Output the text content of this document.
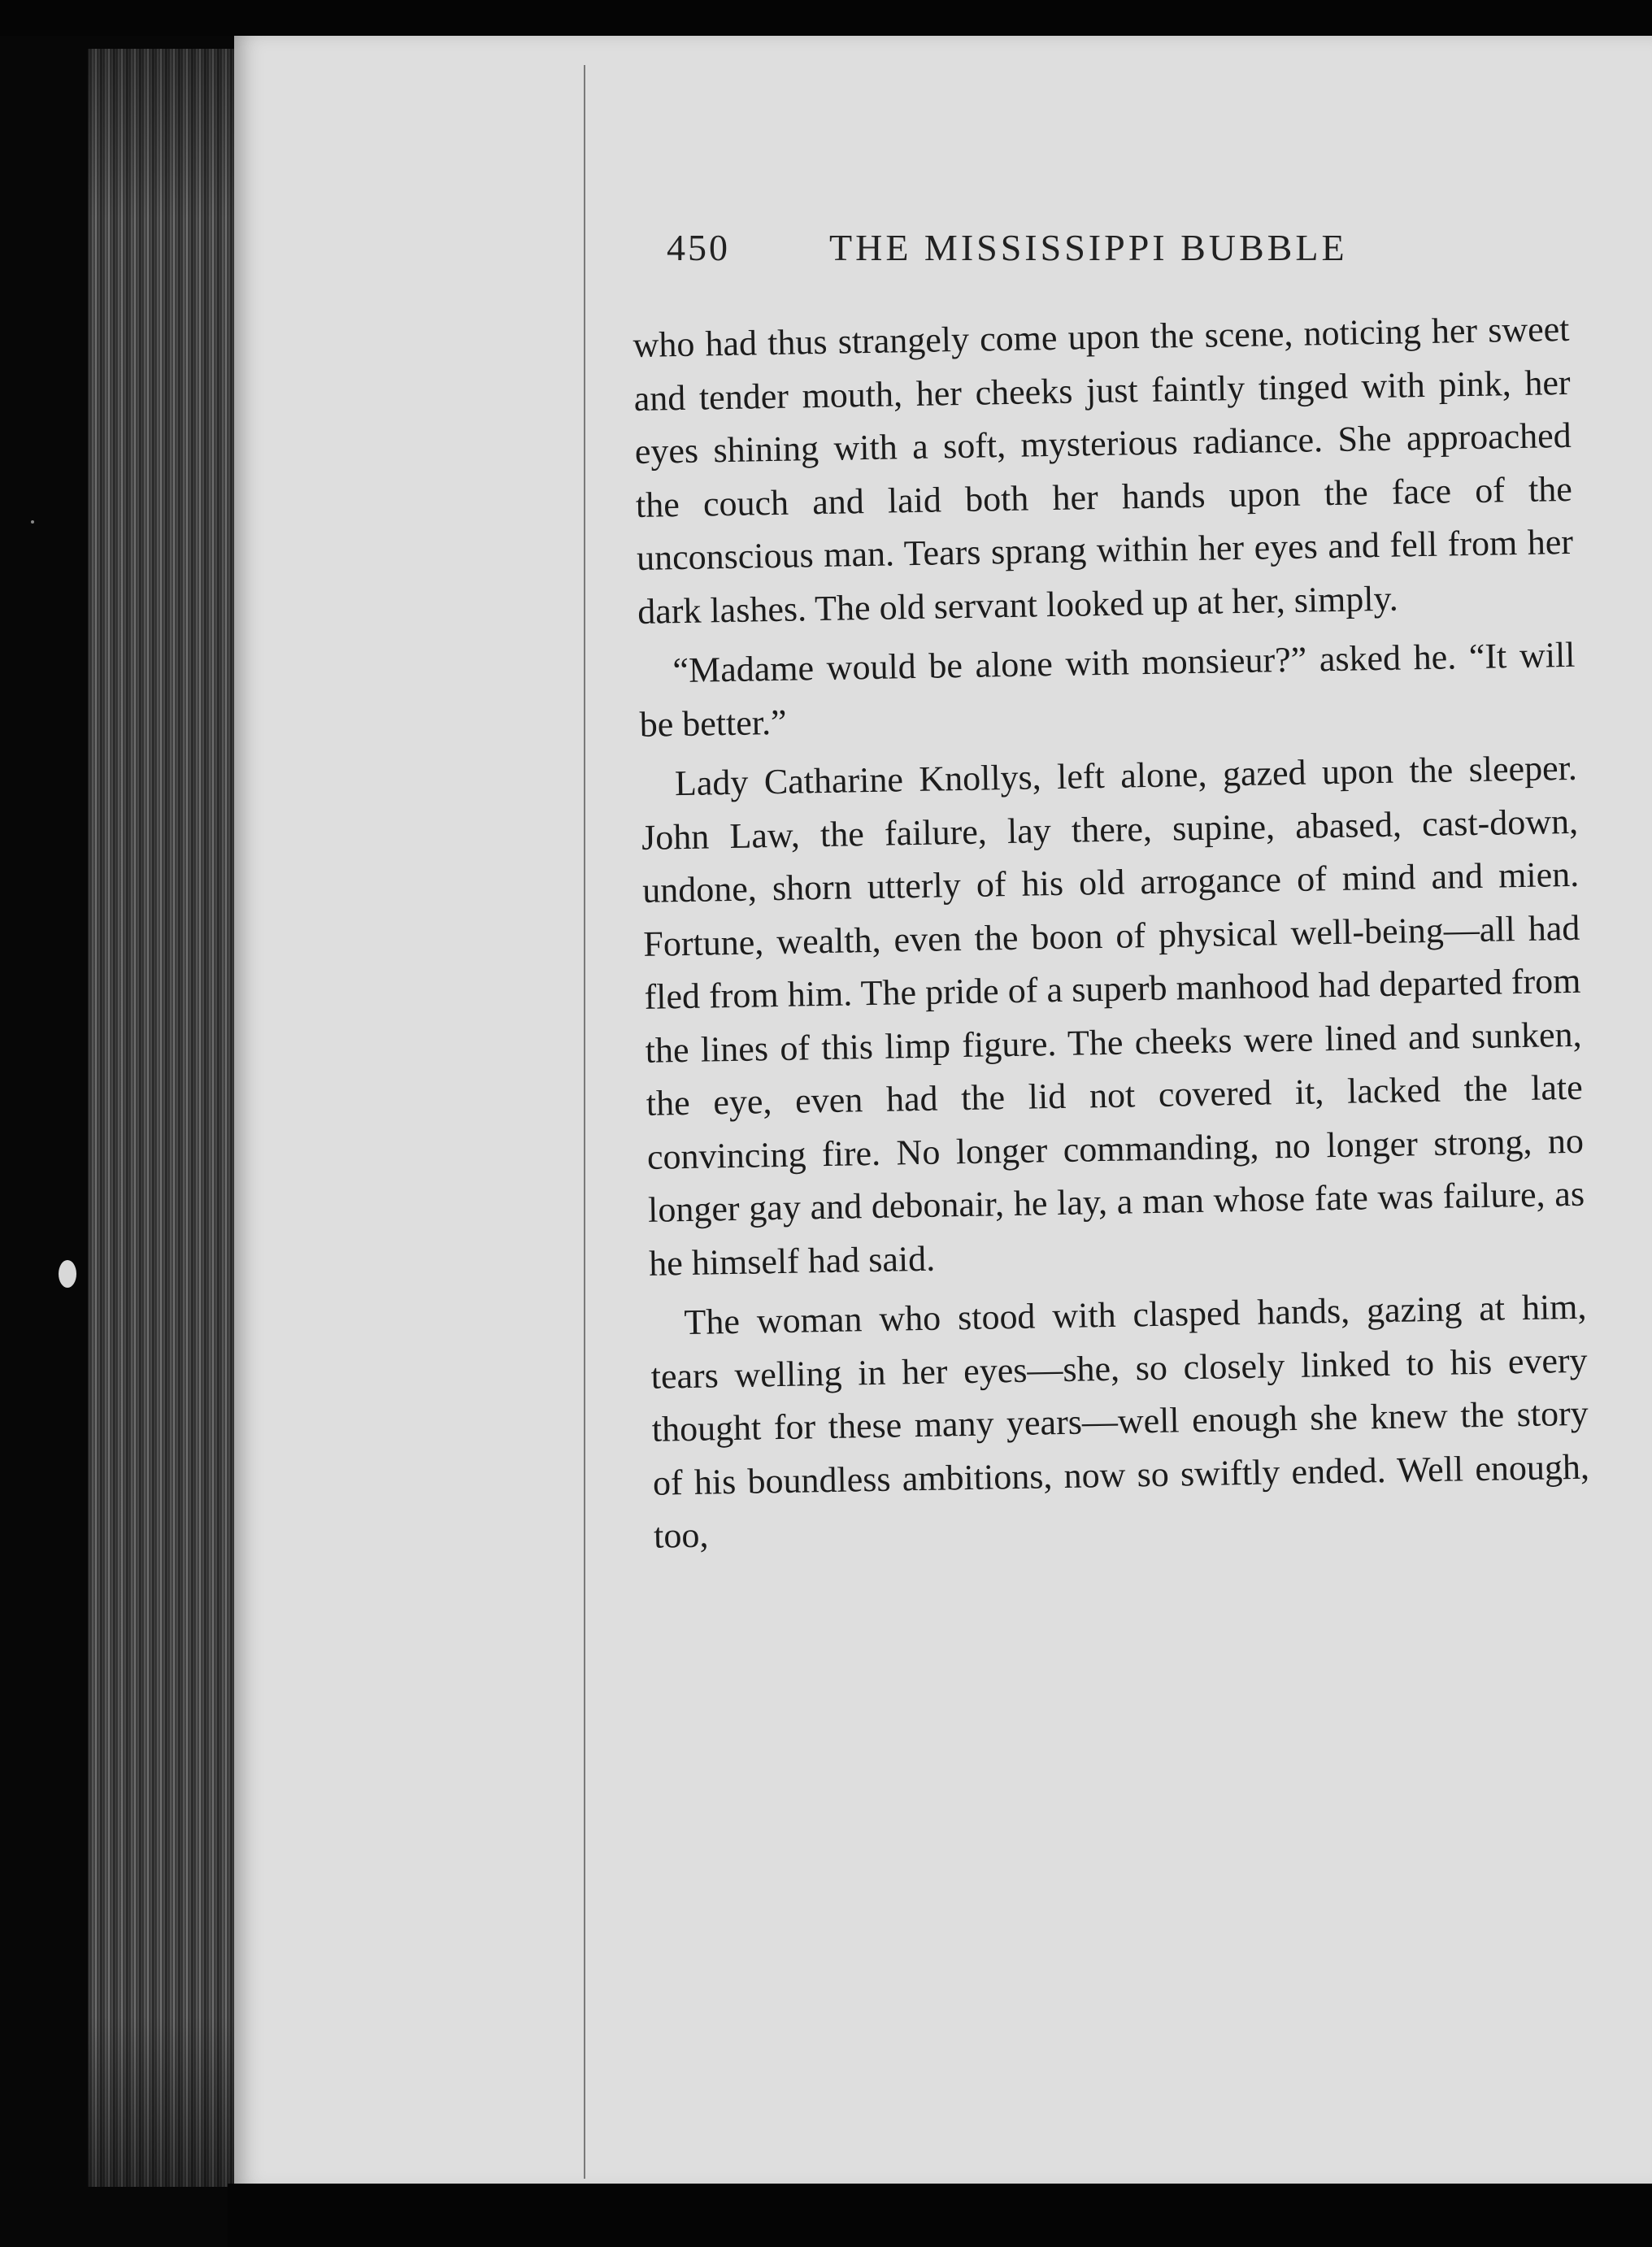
450	THE MISSISSIPPI BUBBLE

who had thus strangely come upon the scene, noticing her sweet and tender mouth, her cheeks just faintly tinged with pink, her eyes shining with a soft, mysterious radiance. She approached the couch and laid both her hands upon the face of the unconscious man. Tears sprang within her eyes and fell from her dark lashes. The old servant looked up at her, simply.

“Madame would be alone with monsieur?” asked he. “It will be better.”

Lady Catharine Knollys, left alone, gazed upon the sleeper. John Law, the failure, lay there, supine, abased, cast-down, undone, shorn utterly of his old arrogance of mind and mien. Fortune, wealth, even the boon of physical well-being—all had fled from him. The pride of a superb manhood had departed from the lines of this limp figure. The cheeks were lined and sunken, the eye, even had the lid not covered it, lacked the late convincing fire. No longer commanding, no longer strong, no longer gay and debonair, he lay, a man whose fate was failure, as he himself had said.

The woman who stood with clasped hands, gazing at him, tears welling in her eyes—she, so closely linked to his every thought for these many years—well enough she knew the story of his boundless ambitions, now so swiftly ended. Well enough, too,
